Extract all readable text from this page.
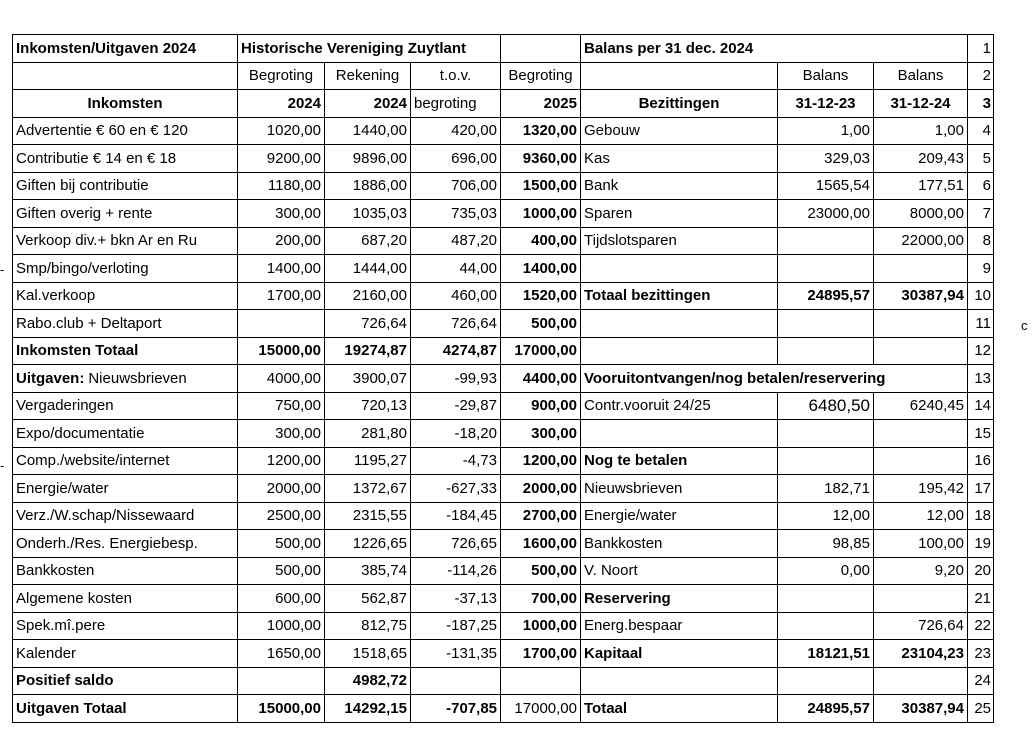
Inkomsten/Uitgaven 2024	Historische Vereniging Zuytlant				Balans per 31 dec. 2024			1
	Begroting	Rekening	t.o.v.	Begroting		Balans	Balans	2
Inkomsten	2024	2024	begroting	2025	Bezittingen	31-12-23	31-12-24	3
Advertentie € 60 en € 120	1020,00	1440,00	420,00	1320,00	Gebouw	1,00	1,00	4
Contributie € 14 en € 18	9200,00	9896,00	696,00	9360,00	Kas	329,03	209,43	5
Giften bij contributie	1180,00	1886,00	706,00	1500,00	Bank	1565,54	177,51	6
Giften overig + rente	300,00	1035,03	735,03	1000,00	Sparen	23000,00	8000,00	7
Verkoop div.+ bkn Ar en Ru	200,00	687,20	487,20	400,00	Tijdslotsparen		22000,00	8
Smp/bingo/verloting	1400,00	1444,00	44,00	1400,00				9
Kal.verkoop	1700,00	2160,00	460,00	1520,00	Totaal bezittingen	24895,57	30387,94	10
Rabo.club + Deltaport		726,64	726,64	500,00				11
Inkomsten Totaal	15000,00	19274,87	4274,87	17000,00				12
Uitgaven: Nieuwsbrieven	4000,00	3900,07	-99,93	4400,00	Vooruitontvangen/nog betalen/reservering			13
Vergaderingen	750,00	720,13	-29,87	900,00	Contr.vooruit 24/25	6480,50	6240,45	14
Expo/documentatie	300,00	281,80	-18,20	300,00				15
Comp./website/internet	1200,00	1195,27	-4,73	1200,00	Nog te betalen			16
Energie/water	2000,00	1372,67	-627,33	2000,00	Nieuwsbrieven	182,71	195,42	17
Verz./W.schap/Nissewaard	2500,00	2315,55	-184,45	2700,00	Energie/water	12,00	12,00	18
Onderh./Res. Energiebesp.	500,00	1226,65	726,65	1600,00	Bankkosten	98,85	100,00	19
Bankkosten	500,00	385,74	-114,26	500,00	V. Noort	0,00	9,20	20
Algemene kosten	600,00	562,87	-37,13	700,00	Reservering			21
Spek.mî.pere	1000,00	812,75	-187,25	1000,00	Energ.bespaar		726,64	22
Kalender	1650,00	1518,65	-131,35	1700,00	Kapitaal	18121,51	23104,23	23
Positief saldo		4982,72						24
Uitgaven Totaal	15000,00	14292,15	-707,85	17000,00	Totaal	24895,57	30387,94	25
c
-
-
